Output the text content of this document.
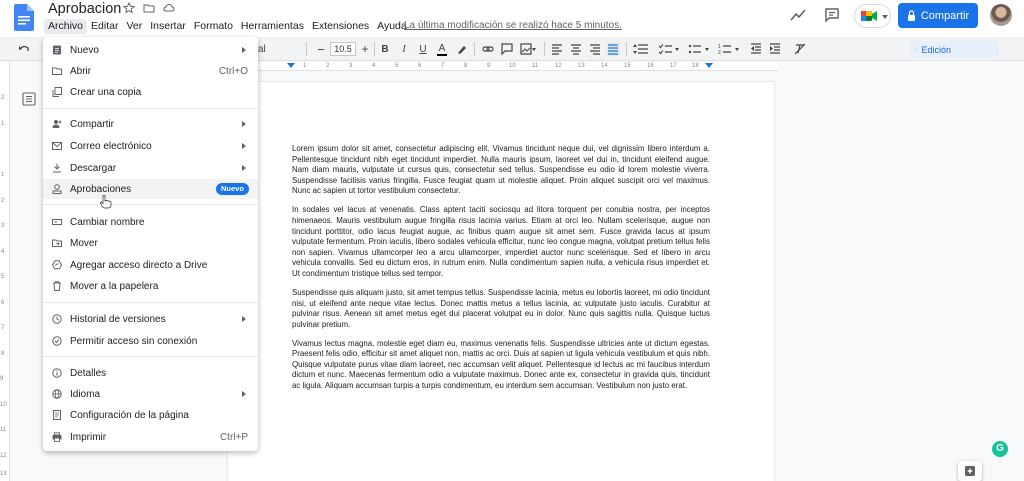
Aprobacion
Archivo Editar Ver Insertar Formato Herramientas Extensiones Ayuda
La última modificación se realizó hace 5 minutos.
Compartir
al	−	10.5 + B	I	U A	1
2	Edición
2
1
1
2
3
4
5
6
7
8
9
10
11
12
13
1	2	3	4	5	6	7	8	9	10	11	12	13	14	15	16	17	18

Lorem ipsum dolor sit amet, consectetur adipiscing elit. Vivamus tincidunt neque dui, vel dignissim libero interdum a. Pellentesque tincidunt nibh eget tincidunt imperdiet. Nulla mauris ipsum, laoreet vel dui in, tincidunt eleifend augue. Nam diam mauris, vulputate ut cursus quis, consectetur sed tellus. Suspendisse eu odio id lorem molestie viverra. Suspendisse facilisis varius fringilla. Fusce feugiat quam ut molestie aliquet. Proin aliquet suscipit orci vel maximus. Nunc ac sapien ut tortor vestibulum consectetur.

In sodales vel lacus at venenatis. Class aptent taciti sociosqu ad litora torquent per conubia nostra, per inceptos himenaeos. Mauris vestibulum augue fringilla risus lacinia varius. Etiam at orci leo. Nullam scelerisque, augue non tincidunt porttitor, odio lacus feugiat augue, ac finibus quam augue sit amet sem. Fusce gravida lacus at ipsum vulputate fermentum. Proin iaculis, libero sodales vehicula efficitur, nunc leo congue magna, volutpat pretium tellus felis non sapien. Vivamus ullamcorper leo a arcu ullamcorper, imperdiet auctor nunc scelerisque. Sed et libero in arcu vehicula convallis. Sed eu dictum eros, in rutrum enim. Nulla condimentum sapien nulla, a vehicula risus imperdiet et. Ut condimentum tristique tellus sed tempor.

Suspendisse quis aliquam justo, sit amet tempus tellus. Suspendisse lacinia, metus eu lobortis laoreet, mi odio tincidunt nisi, ut eleifend ante neque vitae lectus. Donec mattis metus a tellus lacinia, ac vulputate justo iaculis. Curabitur at pulvinar risus. Aenean sit amet metus eget dui placerat volutpat eu in dolor. Nunc quis sagittis nulla. Quisque luctus pulvinar pretium.

Vivamus lectus magna, molestie eget diam eu, maximus venenatis felis. Suspendisse ultricies ante ut dictum egestas. Praesent felis odio, efficitur sit amet aliquet non, mattis ac orci. Duis at sapien ut ligula vehicula vestibulum et quis nibh. Quisque vulputate purus vitae diam laoreet, nec accumsan velit aliquet. Pellentesque id lectus ac mi faucibus interdum dictum et nunc. Maecenas fermentum odio a vulputate maximus. Donec ante ex, consectetur in gravida quis, tincidunt ac ligula. Aliquam accumsan turpis a turpis condimentum, eu interdum sem accumsan. Vestibulum non justo erat.

Nuevo
Abrir	Ctrl+O
Crear una copia
Compartir
Correo electrónico
Descargar
Aprobaciones	Nuevo
Cambiar nombre
Mover
Agregar acceso directo a Drive
Mover a la papelera
Historial de versiones
Permitir acceso sin conexión
Detalles
Idioma
Configuración de la página
Imprimir	Ctrl+P
G
